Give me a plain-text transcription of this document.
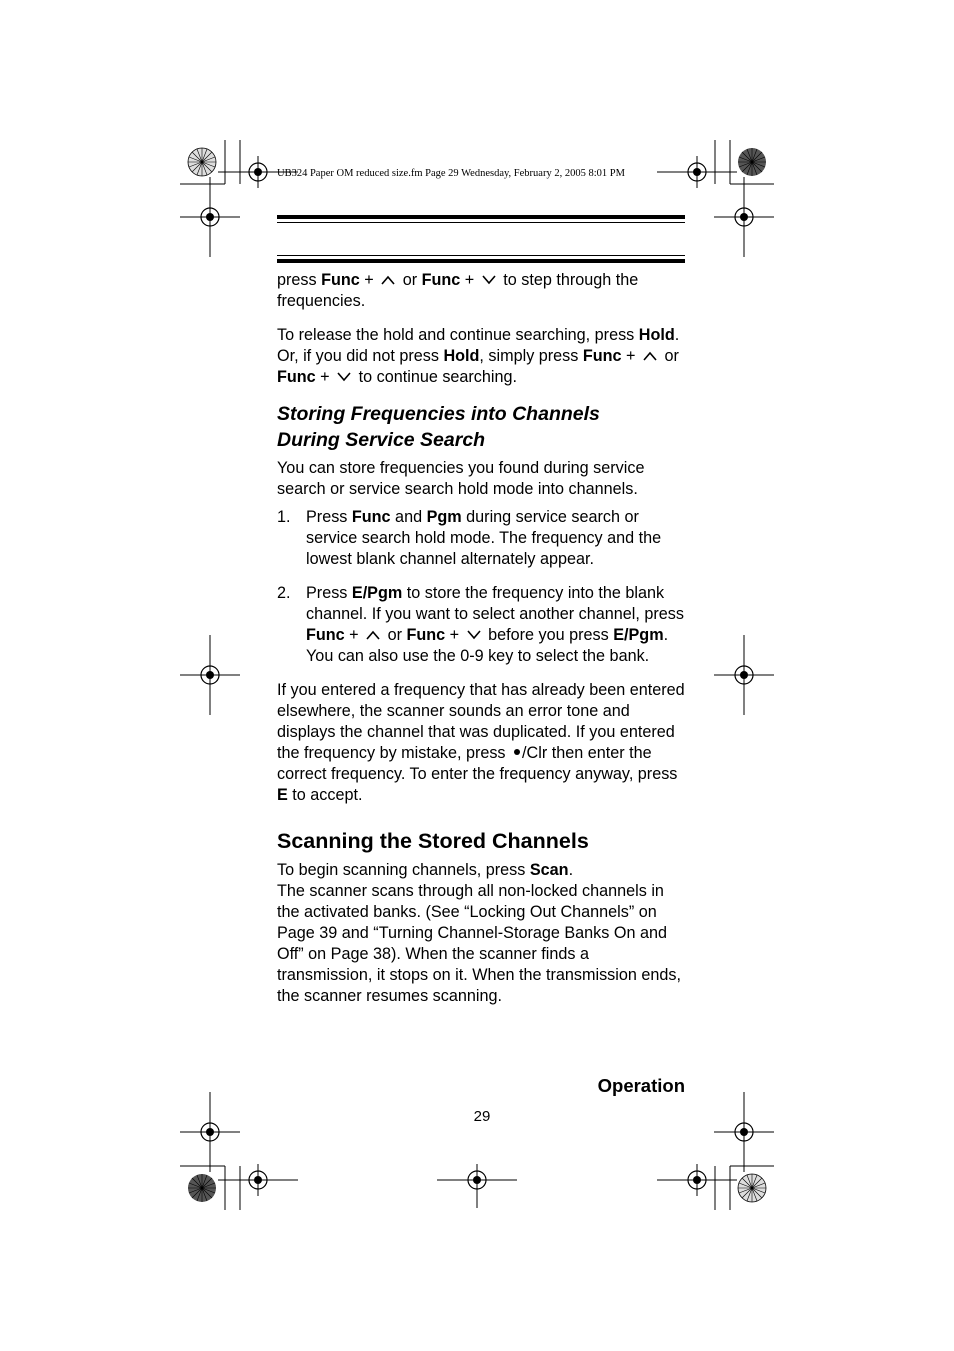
UB324 Paper OM reduced size.fm Page 29 Wednesday, February 2, 2005 8:01 PM

press Func +  or Func +  to step through the frequencies.

To release the hold and continue searching, press Hold. Or, if you did not press Hold, simply press Func +  or Func +  to continue searching.

Storing Frequencies into Channels
During Service Search

You can store frequencies you found during service search or service search hold mode into channels.

1. Press Func and Pgm during service search or service search hold mode. The frequency and the lowest blank channel alternately appear.
2. Press E/Pgm to store the frequency into the blank channel. If you want to select another channel, press Func +  or Func +  before you press E/Pgm. You can also use the 0-9 key to select the bank.

If you entered a frequency that has already been entered elsewhere, the scanner sounds an error tone and displays the channel that was duplicated. If you entered the frequency by mistake, press /Clr then enter the correct frequency. To enter the frequency anyway, press E to accept.

Scanning the Stored Channels

To begin scanning channels, press Scan.

The scanner scans through all non-locked channels in the activated banks. (See “Locking Out Channels” on Page 39 and “Turning Channel-Storage Banks On and Off” on Page 38). When the scanner finds a transmission, it stops on it. When the transmission ends, the scanner resumes scanning.

Operation
29
